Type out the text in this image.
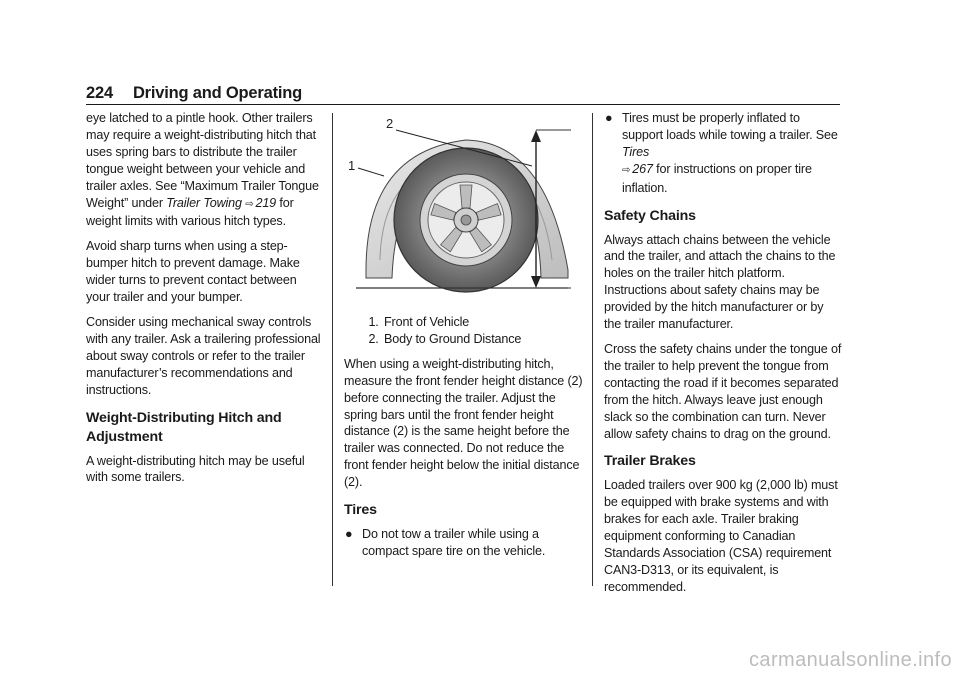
224 Driving and Operating

eye latched to a pintle hook. Other trailers may require a weight-distributing hitch that uses spring bars to distribute the trailer tongue weight between your vehicle and trailer axles. See “Maximum Trailer Tongue Weight” under Trailer Towing ⇨ 219 for weight limits with various hitch types.

Avoid sharp turns when using a step-bumper hitch to prevent damage. Make wider turns to prevent contact between your trailer and your bumper.

Consider using mechanical sway controls with any trailer. Ask a trailering professional about sway controls or refer to the trailer manufacturer’s recommendations and instructions.

Weight-Distributing Hitch and Adjustment

A weight-distributing hitch may be useful with some trailers.

2
1
1. Front of Vehicle
2. Body to Ground Distance

When using a weight-distributing hitch, measure the front fender height distance (2) before connecting the trailer. Adjust the spring bars until the front fender height distance (2) is the same height before the trailer was connected. Do not reduce the front fender height below the initial distance (2).

Tires
● Do not tow a trailer while using a compact spare tire on the vehicle.
● Tires must be properly inflated to support loads while towing a trailer. See Tires
⇨ 267 for instructions on proper tire inflation.
Safety Chains

Always attach chains between the vehicle and the trailer, and attach the chains to the holes on the trailer hitch platform. Instructions about safety chains may be provided by the hitch manufacturer or by the trailer manufacturer.

Cross the safety chains under the tongue of the trailer to help prevent the tongue from contacting the road if it becomes separated from the hitch. Always leave just enough slack so the combination can turn. Never allow safety chains to drag on the ground.

Trailer Brakes

Loaded trailers over 900 kg (2,000 lb) must be equipped with brake systems and with brakes for each axle. Trailer braking equipment conforming to Canadian Standards Association (CSA) requirement CAN3-D313, or its equivalent, is recommended.

carmanualsonline.info
